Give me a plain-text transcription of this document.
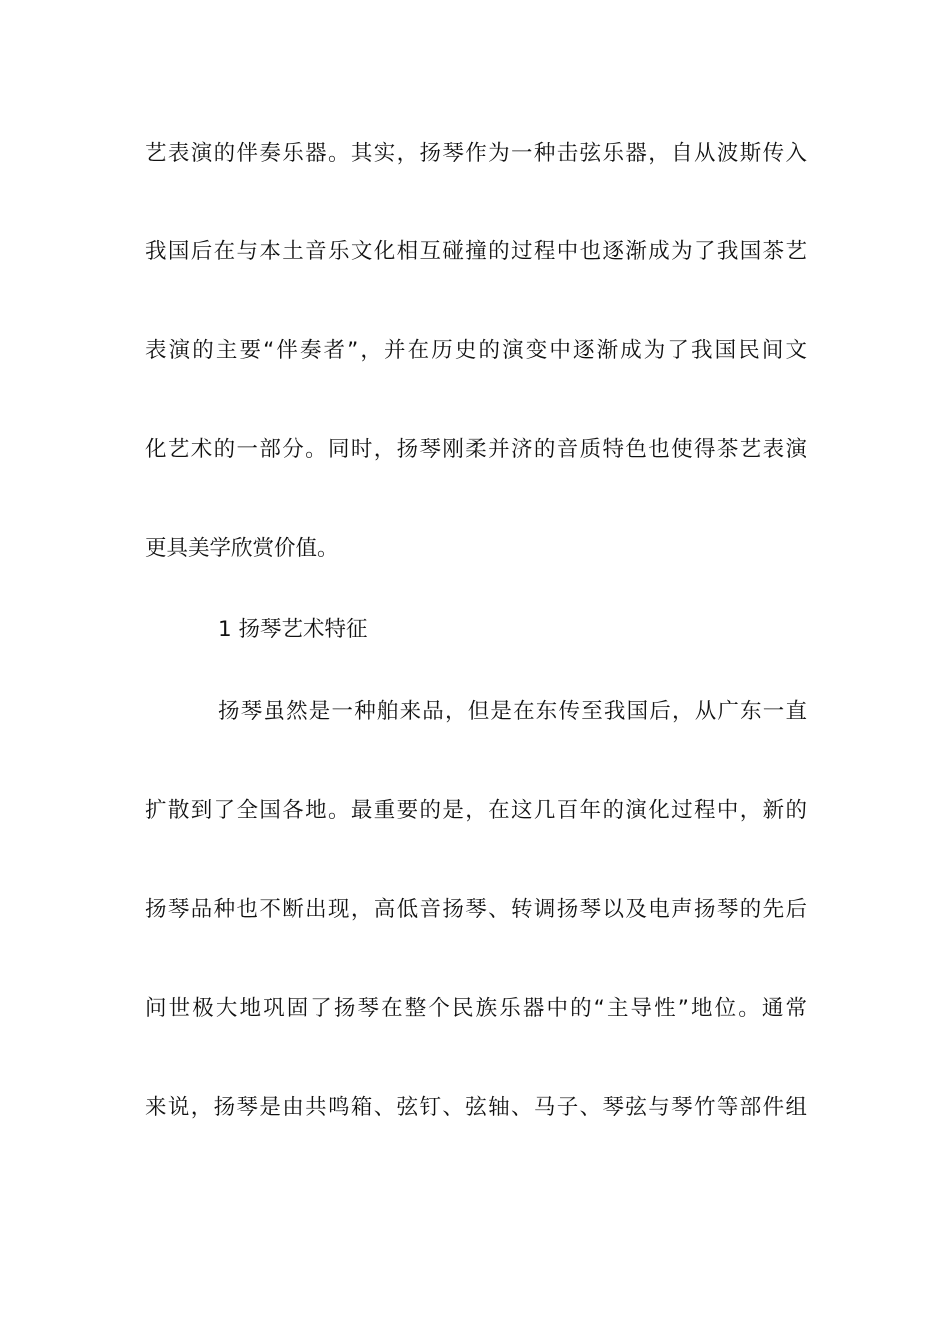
艺表演的伴奏乐器。其实，扬琴作为一种击弦乐器，自从波斯传入
我国后在与本土音乐文化相互碰撞的过程中也逐渐成为了我国茶艺
表演的主要“伴奏者”，并在历史的演变中逐渐成为了我国民间文
化艺术的一部分。同时，扬琴刚柔并济的音质特色也使得茶艺表演
更具美学欣赏价值。
1 扬琴艺术特征
扬琴虽然是一种舶来品，但是在东传至我国后，从广东一直
扩散到了全国各地。最重要的是，在这几百年的演化过程中，新的
扬琴品种也不断出现，高低音扬琴、转调扬琴以及电声扬琴的先后
问世极大地巩固了扬琴在整个民族乐器中的“主导性”地位。通常
来说，扬琴是由共鸣箱、弦钉、弦轴、马子、琴弦与琴竹等部件组
